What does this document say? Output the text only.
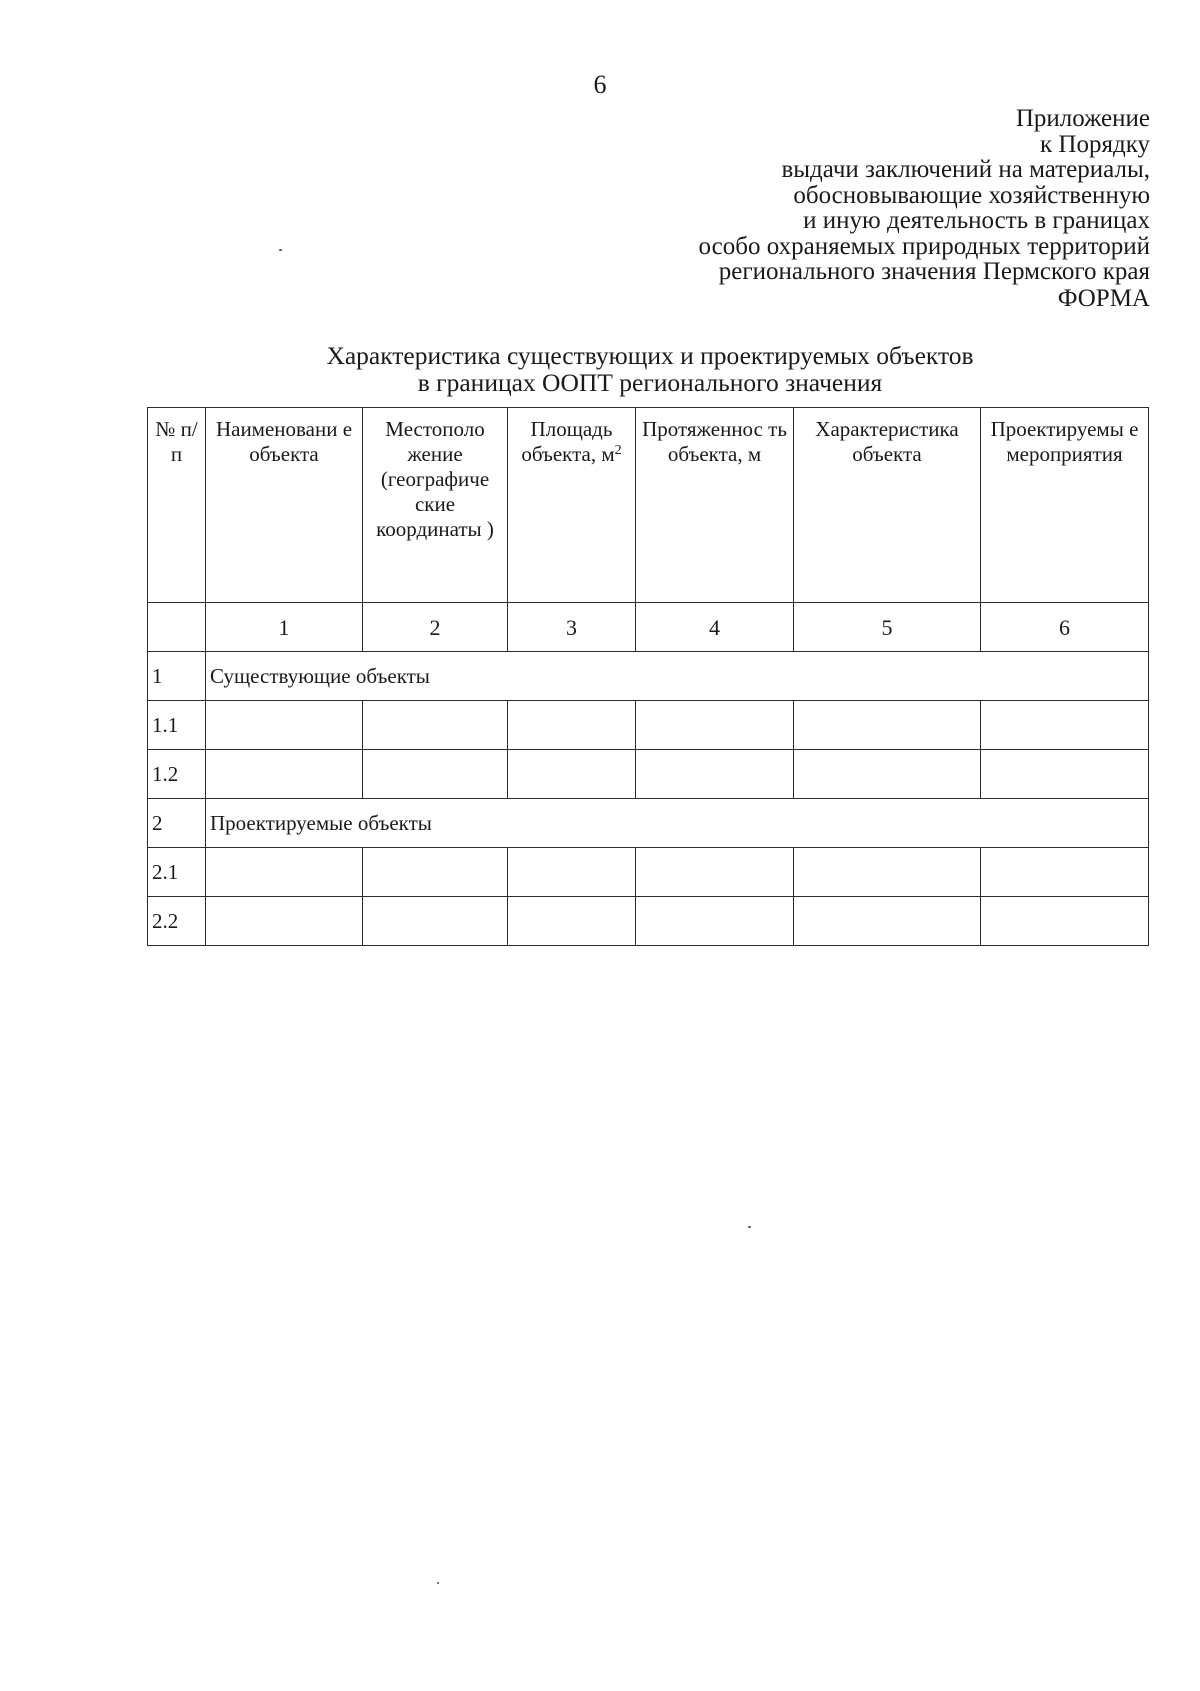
6
Приложение
к Порядку
выдачи заключений на материалы,
обосновывающие хозяйственную
и иную деятельность в границах
особо охраняемых природных территорий
регионального значения Пермского края
ФОРМА
Характеристика существующих и проектируемых объектов
в границах ООПТ регионального значения
№ п/п	Наименовани е объекта	Местополо жение (географиче ские координаты )	Площадь объекта, $м^2$	Протяженнос ть объекта, м	Характеристика объекта	Проектируемы е мероприятия
	1	2	3	4	5	6
1	Существующие объекты					
1.1						
1.2						
2	Проектируемые объекты					
2.1						
2.2						
